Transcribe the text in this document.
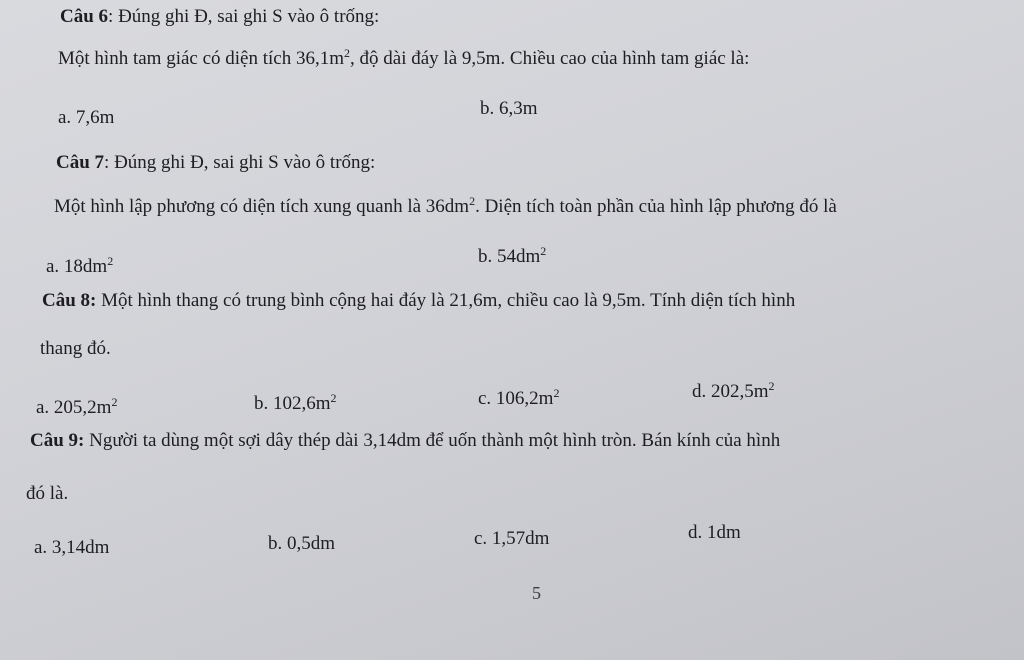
Câu 6: Đúng ghi Đ, sai ghi S vào ô trống:
Một hình tam giác có diện tích $36,1m^2$, độ dài đáy là 9,5m. Chiều cao của hình tam giác là:
a. 7,6m	b. 6,3m
Câu 7: Đúng ghi Đ, sai ghi S vào ô trống:
Một hình lập phương có diện tích xung quanh là $36dm^2$. Diện tích toàn phần của hình lập phương đó là
a. $18dm^2$	b. $54dm^2$
Câu 8: Một hình thang có trung bình cộng hai đáy là 21,6m, chiều cao là 9,5m. Tính diện tích hình
thang đó.
a. $205,2m^2$	b. $102,6m^2$	c. $106,2m^2$	d. $202,5m^2$
Câu 9: Người ta dùng một sợi dây thép dài 3,14dm để uốn thành một hình tròn. Bán kính của hình
đó là.
a. 3,14dm	b. 0,5dm	c. 1,57dm	d. 1dm
5
